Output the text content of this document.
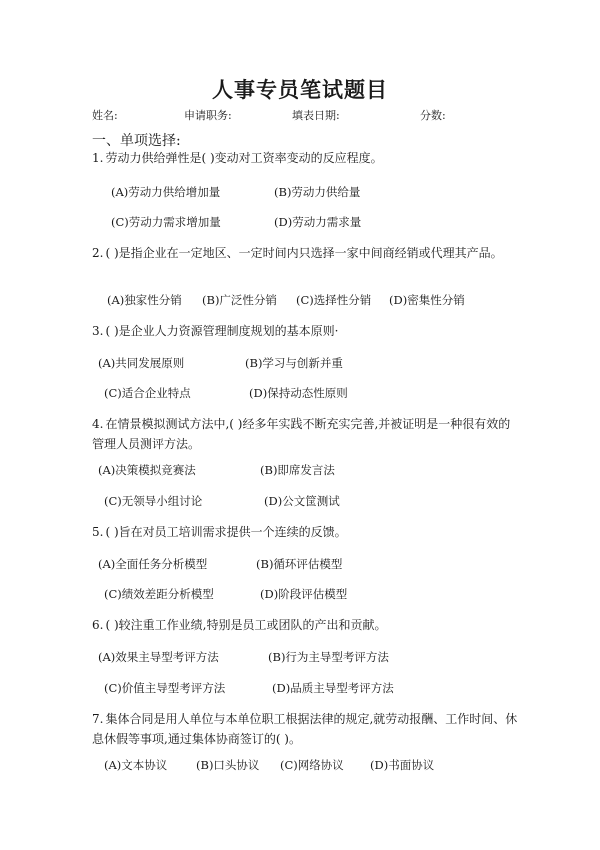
人事专员笔试题目
姓名:	申请职务:	填表日期:	分数:
一、单项选择:

1. 劳动力供给弹性是( )变动对工资率变动的反应程度。

(A)劳动力供给增加量	(B)劳动力供给量
(C)劳动力需求增加量	(D)劳动力需求量

2. ( )是指企业在一定地区、一定时间内只选择一家中间商经销或代理其产品。

(A)独家性分销 (B)广泛性分销 (C)选择性分销 (D)密集性分销

3. ( )是企业人力资源管理制度规划的基本原则·

(A)共同发展原则	(B)学习与创新并重
(C)适合企业特点	(D)保持动态性原则

4. 在情景模拟测试方法中,( )经多年实践不断充实完善,并被证明是一种很有效的管理人员测评方法。

(A)决策模拟竞赛法	(B)即席发言法
(C)无领导小组讨论	(D)公文筐测试

5. ( )旨在对员工培训需求提供一个连续的反馈。

(A)全面任务分析模型	(B)循环评估模型
(C)绩效差距分析模型	(D)阶段评估模型

6. ( )较注重工作业绩,特别是员工或团队的产出和贡献。

(A)效果主导型考评方法	(B)行为主导型考评方法
(C)价值主导型考评方法	(D)品质主导型考评方法

7. 集体合同是用人单位与本单位职工根据法律的规定,就劳动报酬、工作时间、休息休假等事项,通过集体协商签订的( )。

(A)文本协议 (B)口头协议 (C)网络协议 (D)书面协议
